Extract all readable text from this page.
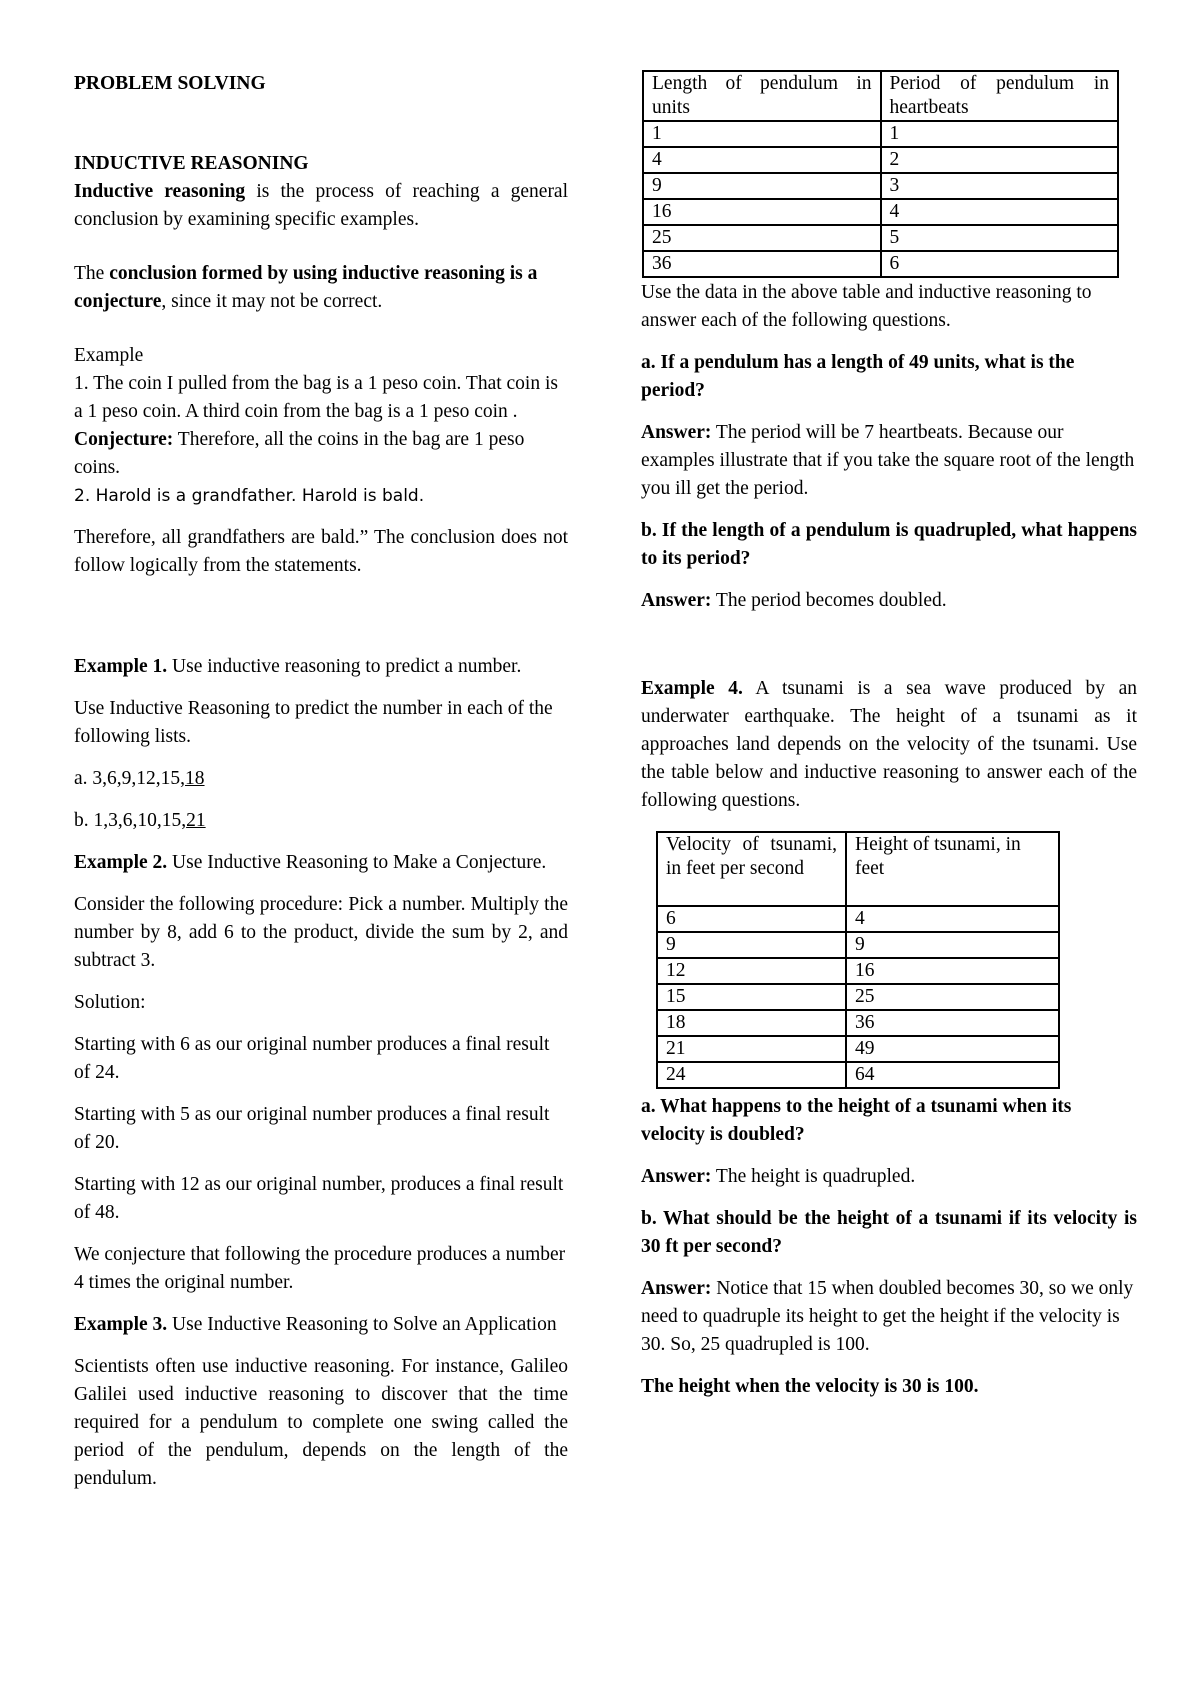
PROBLEM SOLVING

INDUCTIVE REASONING

Inductive reasoning is the process of reaching a general conclusion by examining specific examples.

The conclusion formed by using inductive reasoning is a conjecture, since it may not be correct.

Example

1. The coin I pulled from the bag is a 1 peso coin. That coin is a 1 peso coin. A third coin from the bag is a 1 peso coin .

Conjecture: Therefore, all the coins in the bag are 1 peso

coins.

2. Harold is a grandfather. Harold is bald.

Therefore, all grandfathers are bald.” The conclusion does not follow logically from the statements.

Example 1. Use inductive reasoning to predict a number.

Use Inductive Reasoning to predict the number in each of the following lists.

a. 3,6,9,12,15,18

b. 1,3,6,10,15,21

Example 2. Use Inductive Reasoning to Make a Conjecture.

Consider the following procedure: Pick a number. Multiply the number by 8, add 6 to the product, divide the sum by 2, and subtract 3.

Solution:

Starting with 6 as our original number produces a final result of 24.

Starting with 5 as our original number produces a final result of 20.

Starting with 12 as our original number, produces a final result of 48.

We conjecture that following the procedure produces a number 4 times the original number.

Example 3. Use Inductive Reasoning to Solve an Application

Scientists often use inductive reasoning. For instance, Galileo Galilei used inductive reasoning to discover that the time required for a pendulum to complete one swing called the period of the pendulum, depends on the length of the pendulum.

Length of pendulum in units	Period of pendulum in heartbeats
1	1
4	2
9	3
16	4
25	5
36	6

Use the data in the above table and inductive reasoning to answer each of the following questions.

a. If a pendulum has a length of 49 units, what is the period?

Answer: The period will be 7 heartbeats. Because our examples illustrate that if you take the square root of the length you ill get the period.

b. If the length of a pendulum is quadrupled, what happens to its period?

Answer: The period becomes doubled.

Example 4. A tsunami is a sea wave produced by an underwater earthquake. The height of a tsunami as it approaches land depends on the velocity of the tsunami. Use the table below and inductive reasoning to answer each of the following questions.

Velocity of tsunami, in feet per second	Height of tsunami, in feet
6	4
9	9
12	16
15	25
18	36
21	49
24	64

a. What happens to the height of a tsunami when its velocity is doubled?

Answer: The height is quadrupled.

b. What should be the height of a tsunami if its velocity is 30 ft per second?

Answer: Notice that 15 when doubled becomes 30, so we only need to quadruple its height to get the height if the velocity is 30. So, 25 quadrupled is 100.

The height when the velocity is 30 is 100.
